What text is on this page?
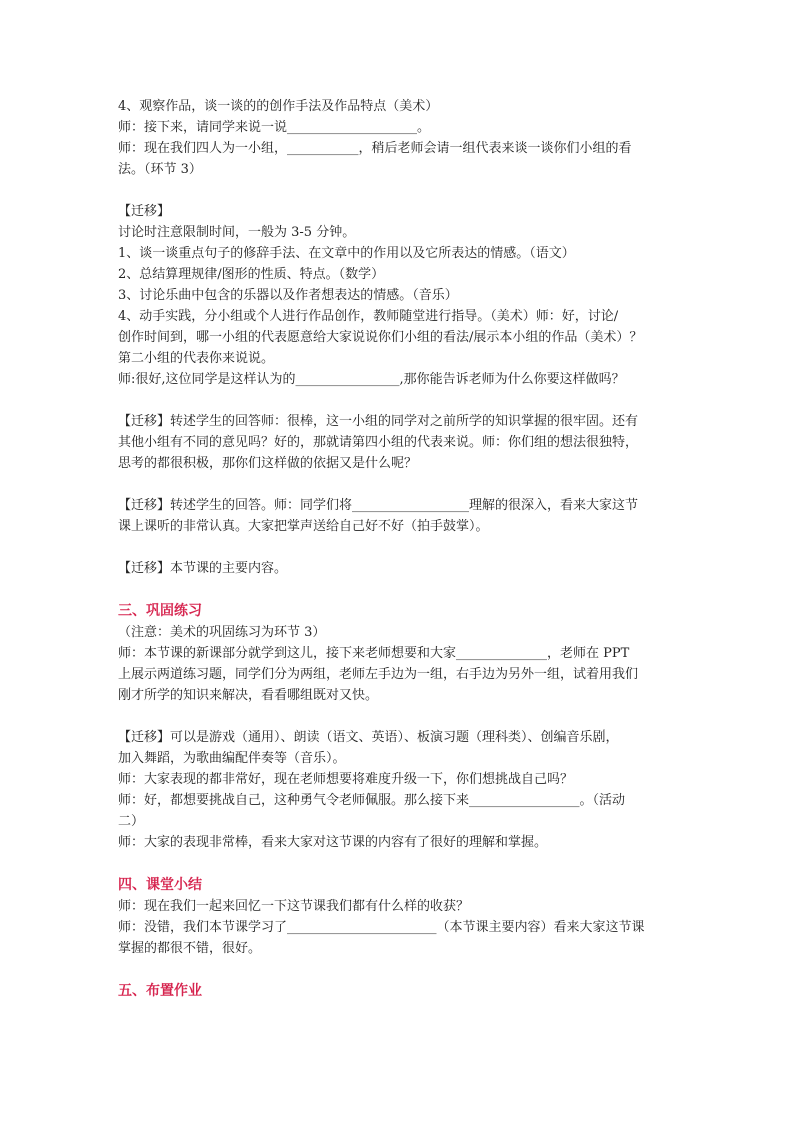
4、观察作品，谈一谈的的创作手法及作品特点（美术）

师：接下来，请同学来说一说____________________。

师：现在我们四人为一小组，___________，稍后老师会请一组代表来谈一谈你们小组的看

法。（环节 3）

【迁移】

讨论时注意限制时间，一般为 3-5 分钟。

1、谈一谈重点句子的修辞手法、在文章中的作用以及它所表达的情感。（语文）

2、总结算理规律/图形的性质、特点。（数学）

3、讨论乐曲中包含的乐器以及作者想表达的情感。（音乐）

4、动手实践，分小组或个人进行作品创作，教师随堂进行指导。（美术）师：好，讨论/

创作时间到，哪一小组的代表愿意给大家说说你们小组的看法/展示本小组的作品（美术）？

第二小组的代表你来说说。

师:很好,这位同学是这样认为的________________,那你能告诉老师为什么你要这样做吗？

【迁移】转述学生的回答师：很棒，这一小组的同学对之前所学的知识掌握的很牢固。还有

其他小组有不同的意见吗？好的，那就请第四小组的代表来说。师：你们组的想法很独特，

思考的都很积极，那你们这样做的依据又是什么呢？

【迁移】转述学生的回答。师：同学们将__________________理解的很深入，看来大家这节

课上课听的非常认真。大家把掌声送给自己好不好（拍手鼓掌）。

【迁移】本节课的主要内容。

三、巩固练习

（注意：美术的巩固练习为环节 3）

师：本节课的新课部分就学到这儿，接下来老师想要和大家______________，老师在 PPT

上展示两道练习题，同学们分为两组，老师左手边为一组，右手边为另外一组，试着用我们

刚才所学的知识来解决，看看哪组既对又快。

【迁移】可以是游戏（通用）、朗读（语文、英语）、板演习题（理科类）、创编音乐剧，

加入舞蹈，为歌曲编配伴奏等（音乐）。

师：大家表现的都非常好，现在老师想要将难度升级一下，你们想挑战自己吗？

师：好，都想要挑战自己，这种勇气令老师佩服。那么接下来_________________。（活动

二）

师：大家的表现非常棒，看来大家对这节课的内容有了很好的理解和掌握。

四、课堂小结

师：现在我们一起来回忆一下这节课我们都有什么样的收获？

师：没错，我们本节课学习了_______________________（本节课主要内容）看来大家这节课

掌握的都很不错，很好。

五、布置作业
